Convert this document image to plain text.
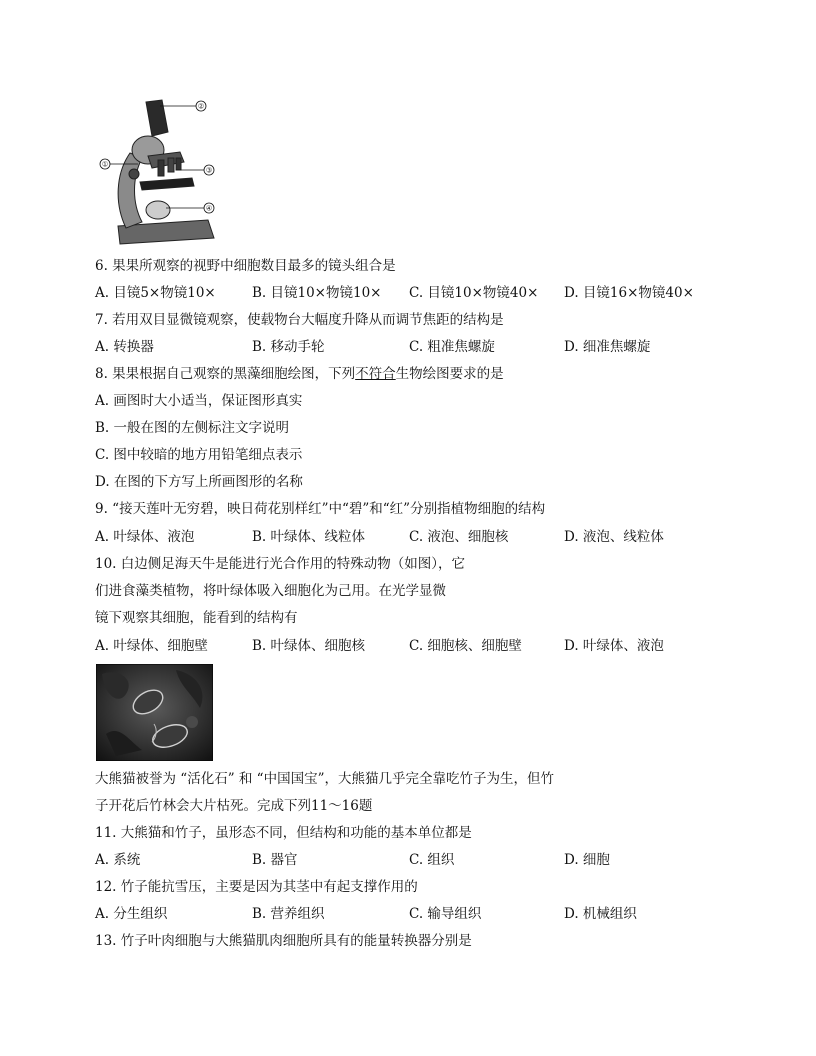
②
①
③
④
6. 果果所观察的视野中细胞数目最多的镜头组合是
A. 目镜5×物镜10×	B. 目镜10×物镜10× C. 目镜10×物镜40× D. 目镜16×物镜40×
7. 若用双目显微镜观察，使载物台大幅度升降从而调节焦距的结构是
A. 转换器	B. 移动手轮	C. 粗准焦螺旋	D. 细准焦螺旋
8. 果果根据自己观察的黑藻细胞绘图，下列不符合生物绘图要求的是
A. 画图时大小适当，保证图形真实
B. 一般在图的左侧标注文字说明
C. 图中较暗的地方用铅笔细点表示
D. 在图的下方写上所画图形的名称
9. “接天莲叶无穷碧，映日荷花别样红”中“碧”和“红”分别指植物细胞的结构
A. 叶绿体、液泡	B. 叶绿体、线粒体	C. 液泡、细胞核	D. 液泡、线粒体
10. 白边侧足海天牛是能进行光合作用的特殊动物（如图），它
们进食藻类植物，将叶绿体吸入细胞化为己用。在光学显微
镜下观察其细胞，能看到的结构有
A. 叶绿体、细胞壁	B. 叶绿体、细胞核	C. 细胞核、细胞壁	D. 叶绿体、液泡
大熊猫被誉为 “活化石” 和 “中国国宝”，大熊猫几乎完全靠吃竹子为生，但竹
子开花后竹林会大片枯死。完成下列11～16题
11. 大熊猫和竹子，虽形态不同，但结构和功能的基本单位都是
A. 系统	B. 器官	C. 组织	D. 细胞
12. 竹子能抗雪压，主要是因为其茎中有起支撑作用的
A. 分生组织	B. 营养组织	C. 输导组织	D. 机械组织
13. 竹子叶肉细胞与大熊猫肌肉细胞所具有的能量转换器分别是
